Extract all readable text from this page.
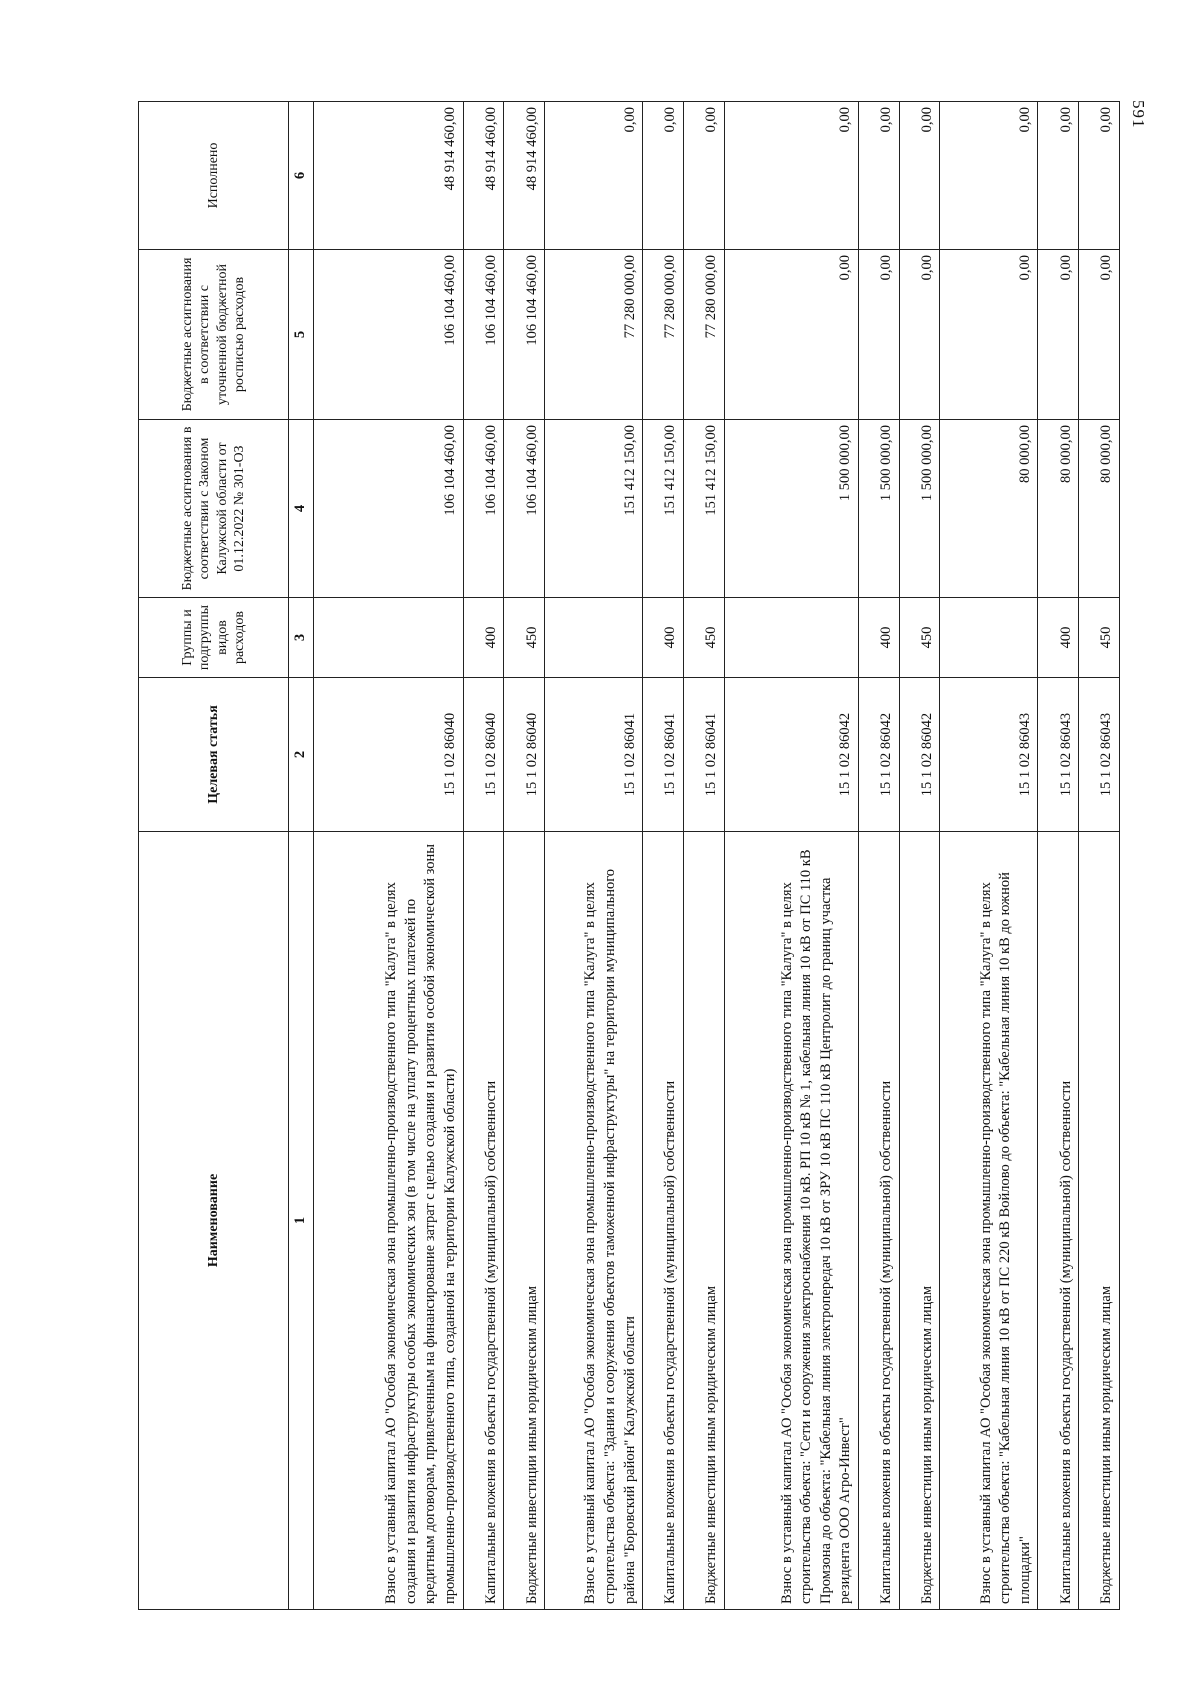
591
Наименование	Целевая статья	Группы и подгруппы видов расходов	Бюджетные ассигнования в соответствии с Законом Калужской области от 01.12.2022 № 301-ОЗ	Бюджетные ассигнования в соответствии с уточненной бюджетной росписью расходов	Исполнено
1	2	3	4	5	6
Взнос в уставный капитал АО "Особая экономическая зона промышленно-производственного типа "Калуга" в целях создания и развития инфраструктуры особых экономических зон (в том числе на уплату процентных платежей по кредитным договорам, привлеченным на финансирование затрат с целью создания и развития особой экономической зоны промышленно-производственного типа, созданной на территории Калужской области)	15 1 02 86040		106 104 460,00	106 104 460,00	48 914 460,00
Капитальные вложения в объекты государственной (муниципальной) собственности	15 1 02 86040	400	106 104 460,00	106 104 460,00	48 914 460,00
Бюджетные инвестиции иным юридическим лицам	15 1 02 86040	450	106 104 460,00	106 104 460,00	48 914 460,00
Взнос в уставный капитал АО "Особая экономическая зона промышленно-производственного типа "Калуга" в целях строительства объекта: "Здания и сооружения объектов таможенной инфраструктуры" на территории муниципального района "Боровский район" Калужской области	15 1 02 86041		151 412 150,00	77 280 000,00	0,00
Капитальные вложения в объекты государственной (муниципальной) собственности	15 1 02 86041	400	151 412 150,00	77 280 000,00	0,00
Бюджетные инвестиции иным юридическим лицам	15 1 02 86041	450	151 412 150,00	77 280 000,00	0,00
Взнос в уставный капитал АО "Особая экономическая зона промышленно-производственного типа "Калуга" в целях строительства объекта: "Сети и сооружения электроснабжения 10 кВ. РП 10 кВ № 1, кабельная линия 10 кВ от ПС 110 кВ Промзона до объекта: "Кабельная линия электропередач 10 кВ от ЗРУ 10 кВ ПС 110 кВ Центролит до границ участка резидента ООО Агро-Инвест"	15 1 02 86042		1 500 000,00	0,00	0,00
Капитальные вложения в объекты государственной (муниципальной) собственности	15 1 02 86042	400	1 500 000,00	0,00	0,00
Бюджетные инвестиции иным юридическим лицам	15 1 02 86042	450	1 500 000,00	0,00	0,00
Взнос в уставный капитал АО "Особая экономическая зона промышленно-производственного типа "Калуга" в целях строительства объекта: "Кабельная линия 10 кВ от ПС 220 кВ Войлово до объекта: "Кабельная линия 10 кВ до южной площадки"	15 1 02 86043		80 000,00	0,00	0,00
Капитальные вложения в объекты государственной (муниципальной) собственности	15 1 02 86043	400	80 000,00	0,00	0,00
Бюджетные инвестиции иным юридическим лицам	15 1 02 86043	450	80 000,00	0,00	0,00
